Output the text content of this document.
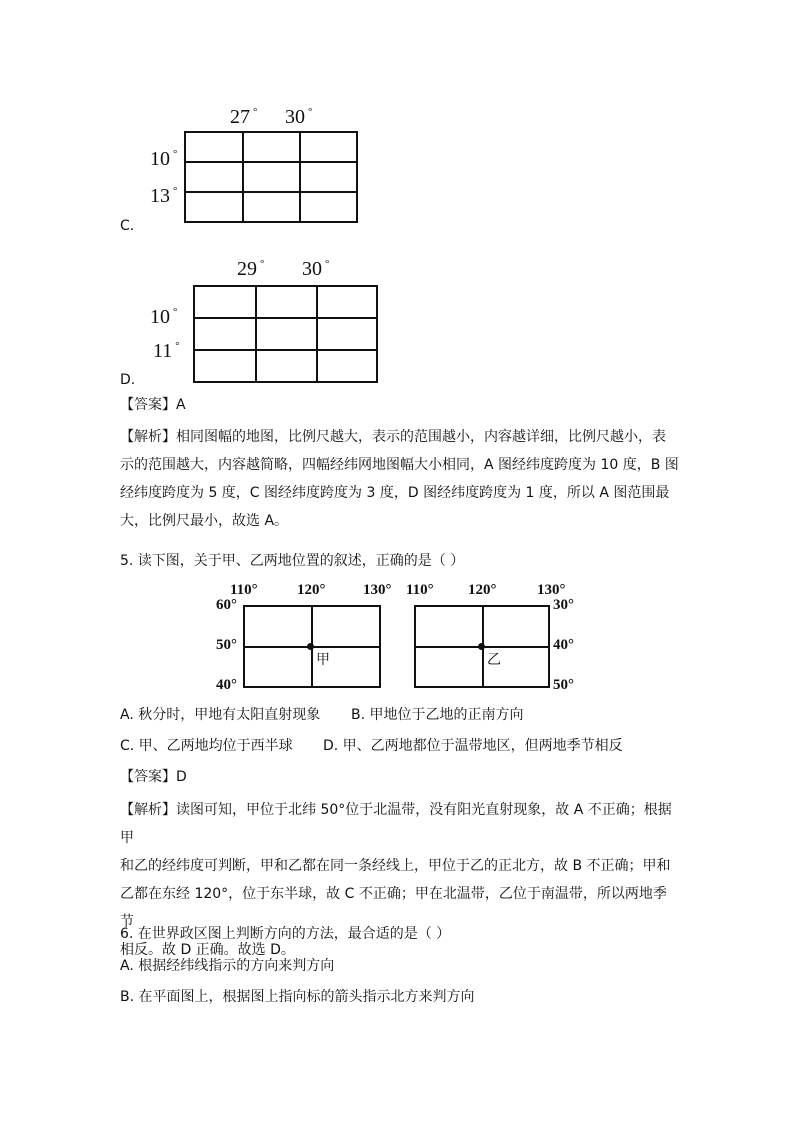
27 ° 30 °
10 °
13 °
C.
29 ° 30 °
10 °
11 °
D.
【答案】A
【解析】相同图幅的地图，比例尺越大，表示的范围越小，内容越详细，比例尺越小，表
示的范围越大，内容越简略，四幅经纬网地图幅大小相同，A 图经纬度跨度为 10 度，B 图
经纬度跨度为 5 度，C 图经纬度跨度为 3 度，D 图经纬度跨度为 1 度，所以 A 图范围最
大，比例尺最小，故选 A。
5. 读下图，关于甲、乙两地位置的叙述，正确的是（ ）
110°	120°	130°
60°
50°
40°
甲
110° 120°	130°
30°
40°
50°
乙
A. 秋分时，甲地有太阳直射现象 B. 甲地位于乙地的正南方向
C. 甲、乙两地均位于西半球 D. 甲、乙两地都位于温带地区，但两地季节相反
【答案】D
【解析】读图可知，甲位于北纬 50°位于北温带，没有阳光直射现象，故 A 不正确；根据甲
和乙的经纬度可判断，甲和乙都在同一条经线上，甲位于乙的正北方，故 B 不正确；甲和
乙都在东经 120°，位于东半球，故 C 不正确；甲在北温带，乙位于南温带，所以两地季节
相反。故 D 正确。故选 D。
6. 在世界政区图上判断方向的方法，最合适的是（ ）
A. 根据经纬线指示的方向来判方向
B. 在平面图上，根据图上指向标的箭头指示北方来判方向
